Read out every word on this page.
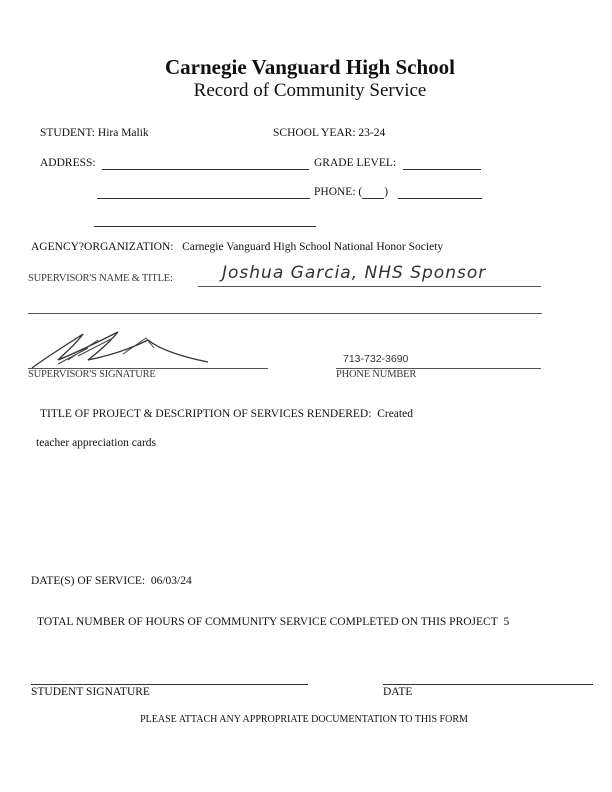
Carnegie Vanguard High School
Record of Community Service
STUDENT: Hira Malik	SCHOOL YEAR: 23-24
ADDRESS:	GRADE LEVEL:
PHONE: ( )
AGENCY?ORGANIZATION: Carnegie Vanguard High School National Honor Society
SUPERVISOR'S NAME & TITLE:	Joshua Garcia, NHS Sponsor
SUPERVISOR'S SIGNATURE
713-732-3690
PHONE NUMBER
TITLE OF PROJECT & DESCRIPTION OF SERVICES RENDERED: Created
teacher appreciation cards
DATE(S) OF SERVICE: 06/03/24
TOTAL NUMBER OF HOURS OF COMMUNITY SERVICE COMPLETED ON THIS PROJECT 5
STUDENT SIGNATURE	DATE
PLEASE ATTACH ANY APPROPRIATE DOCUMENTATION TO THIS FORM
